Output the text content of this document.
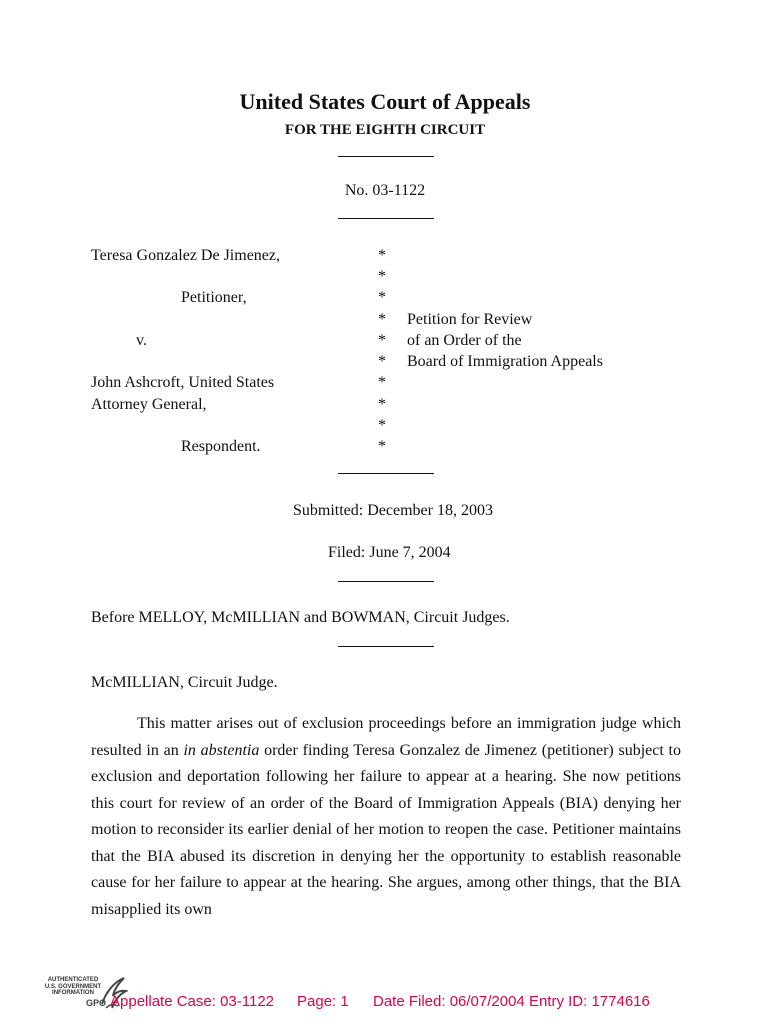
United States Court of Appeals
FOR THE EIGHTH CIRCUIT
No. 03-1122
Teresa Gonzalez De Jimenez,
Petitioner,
v.
John Ashcroft, United States
Attorney General,
Respondent.
*
*
*
*
*
*
*
*
*
*
Petition for Review
of an Order of the
Board of Immigration Appeals
Submitted: December 18, 2003
Filed: June 7, 2004
Before MELLOY, McMILLIAN and BOWMAN, Circuit Judges.
McMILLIAN, Circuit Judge.
This matter arises out of exclusion proceedings before an immigration judge which resulted in an in abstentia order finding Teresa Gonzalez de Jimenez (petitioner) subject to exclusion and deportation following her failure to appear at a hearing. She now petitions this court for review of an order of the Board of Immigration Appeals (BIA) denying her motion to reconsider its earlier denial of her motion to reopen the case. Petitioner maintains that the BIA abused its discretion in denying her the opportunity to establish reasonable cause for her failure to appear at the hearing. She argues, among other things, that the BIA misapplied its own
AUTHENTICATED
U.S. GOVERNMENT
INFORMATION
GPO Appellate Case: 03-1122 Page: 1 Date Filed: 06/07/2004 Entry ID: 1774616
